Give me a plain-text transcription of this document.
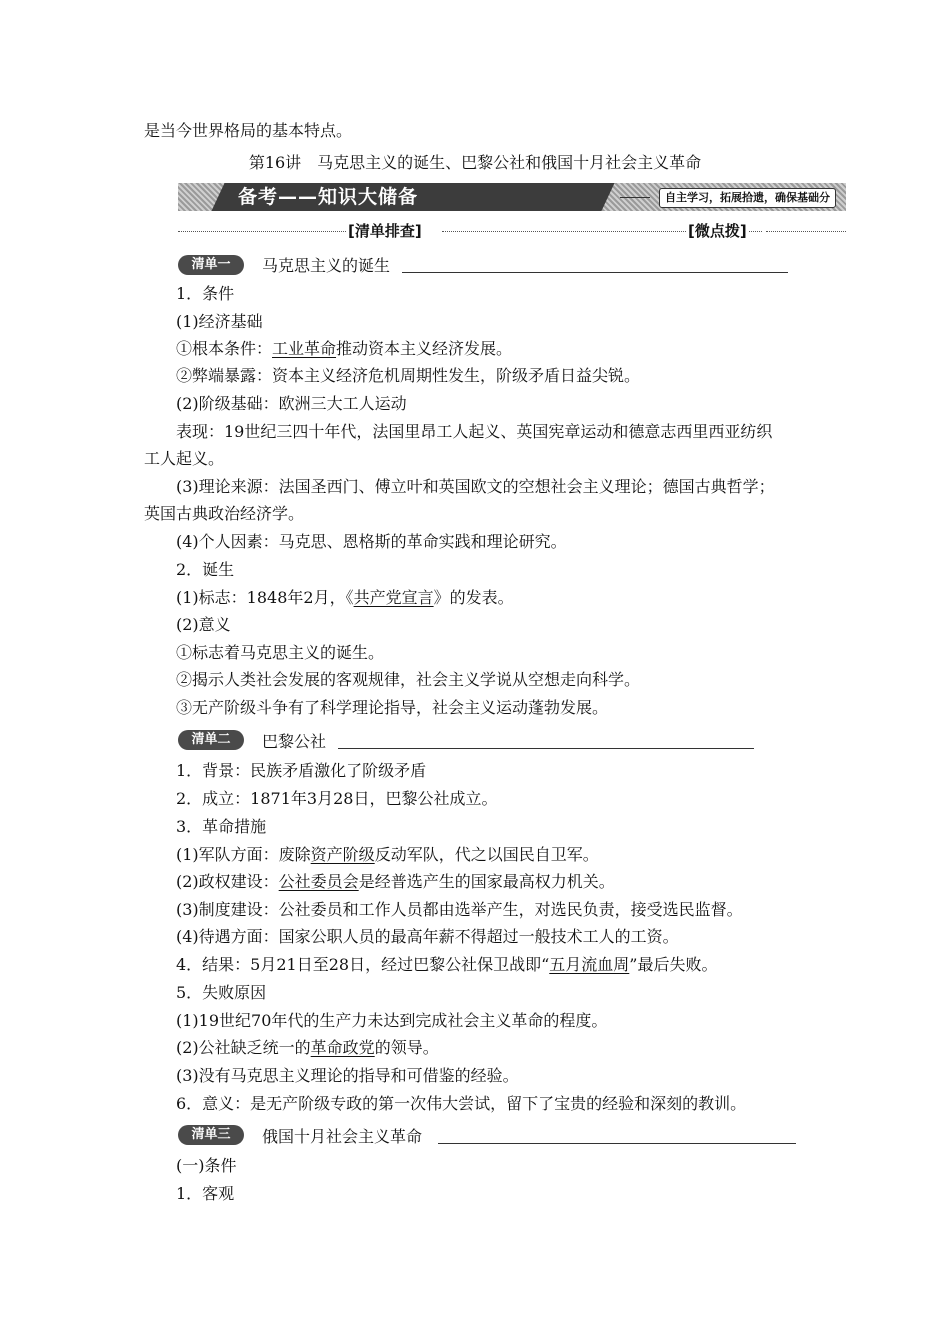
是当今世界格局的基本特点。
第16讲　马克思主义的诞生、巴黎公社和俄国十月社会主义革命
备考——知识大储备	自主学习，拓展拾遗，确保基础分
[清单排查]	[微点拨]
清单一	马克思主义的诞生
1．条件
(1)经济基础
①根本条件：工业革命推动资本主义经济发展。
②弊端暴露：资本主义经济危机周期性发生，阶级矛盾日益尖锐。
(2)阶级基础：欧洲三大工人运动
表现：19世纪三四十年代，法国里昂工人起义、英国宪章运动和德意志西里西亚纺织
工人起义。
(3)理论来源：法国圣西门、傅立叶和英国欧文的空想社会主义理论；德国古典哲学；
英国古典政治经济学。
(4)个人因素：马克思、恩格斯的革命实践和理论研究。
2．诞生
(1)标志：1848年2月，《共产党宣言》的发表。
(2)意义
①标志着马克思主义的诞生。
②揭示人类社会发展的客观规律，社会主义学说从空想走向科学。
③无产阶级斗争有了科学理论指导，社会主义运动蓬勃发展。
清单二	巴黎公社
1．背景：民族矛盾激化了阶级矛盾
2．成立：1871年3月28日，巴黎公社成立。
3．革命措施
(1)军队方面：废除资产阶级反动军队，代之以国民自卫军。
(2)政权建设：公社委员会是经普选产生的国家最高权力机关。
(3)制度建设：公社委员和工作人员都由选举产生，对选民负责，接受选民监督。
(4)待遇方面：国家公职人员的最高年薪不得超过一般技术工人的工资。
4．结果：5月21日至28日，经过巴黎公社保卫战即“五月流血周”最后失败。
5．失败原因
(1)19世纪70年代的生产力未达到完成社会主义革命的程度。
(2)公社缺乏统一的革命政党的领导。
(3)没有马克思主义理论的指导和可借鉴的经验。
6．意义：是无产阶级专政的第一次伟大尝试，留下了宝贵的经验和深刻的教训。
清单三	俄国十月社会主义革命
(一)条件
1．客观
